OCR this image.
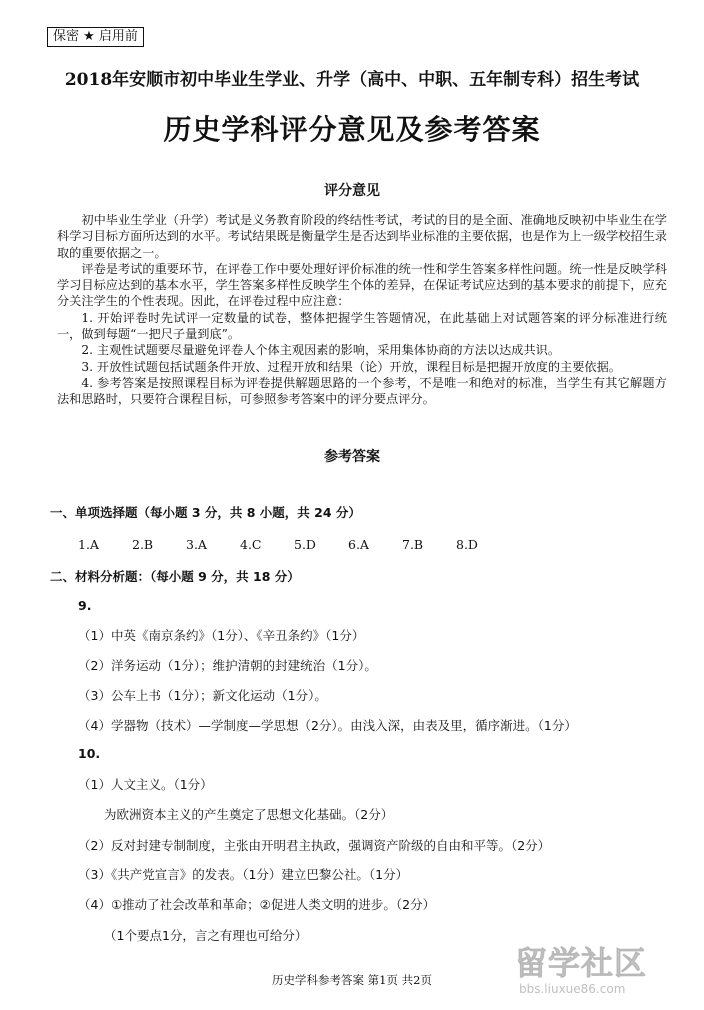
保密 ★ 启用前
2018年安顺市初中毕业生学业、升学（高中、中职、五年制专科）招生考试
历史学科评分意见及参考答案
评分意见

初中毕业生学业（升学）考试是义务教育阶段的终结性考试，考试的目的是全面、准确地反映初中毕业生在学科学习目标方面所达到的水平。考试结果既是衡量学生是否达到毕业标准的主要依据，也是作为上一级学校招生录取的重要依据之一。

评卷是考试的重要环节，在评卷工作中要处理好评价标准的统一性和学生答案多样性问题。统一性是反映学科学习目标应达到的基本水平，学生答案多样性反映学生个体的差异，在保证考试应达到的基本要求的前提下，应充分关注学生的个性表现。因此，在评卷过程中应注意：

1. 开始评卷时先试评一定数量的试卷，整体把握学生答题情况，在此基础上对试题答案的评分标准进行统一，做到每题“一把尺子量到底”。

2. 主观性试题要尽量避免评卷人个体主观因素的影响，采用集体协商的方法以达成共识。

3. 开放性试题包括试题条件开放、过程开放和结果（论）开放，课程目标是把握开放度的主要依据。

4. 参考答案是按照课程目标为评卷提供解题思路的一个参考，不是唯一和绝对的标准，当学生有其它解题方法和思路时，只要符合课程目标，可参照参考答案中的评分要点评分。

参考答案
一、单项选择题（每小题 3 分，共 8 小题，共 24 分）
1.A	2.B	3.A	4.C	5.D	6.A	7.B	8.D
二、材料分析题：（每小题 9 分，共 18 分）
9.
（1）中英《南京条约》（1分）、《辛丑条约》（1分）
（2）洋务运动（1分）；维护清朝的封建统治（1分）。
（3）公车上书（1分）；新文化运动（1分）。
（4）学器物（技术）—学制度—学思想（2分）。由浅入深，由表及里，循序渐进。（1分）
10.
（1）人文主义。（1分）
为欧洲资本主义的产生奠定了思想文化基础。（2分）
（2）反对封建专制制度，主张由开明君主执政，强调资产阶级的自由和平等。（2分）
（3）《共产党宣言》的发表。（1分）建立巴黎公社。（1分）
（4）①推动了社会改革和革命；②促进人类文明的进步。（2分）
（1个要点1分，言之有理也可给分）
历史学科参考答案 第1页 共2页	留学社区
bbs.liuxue86.com
